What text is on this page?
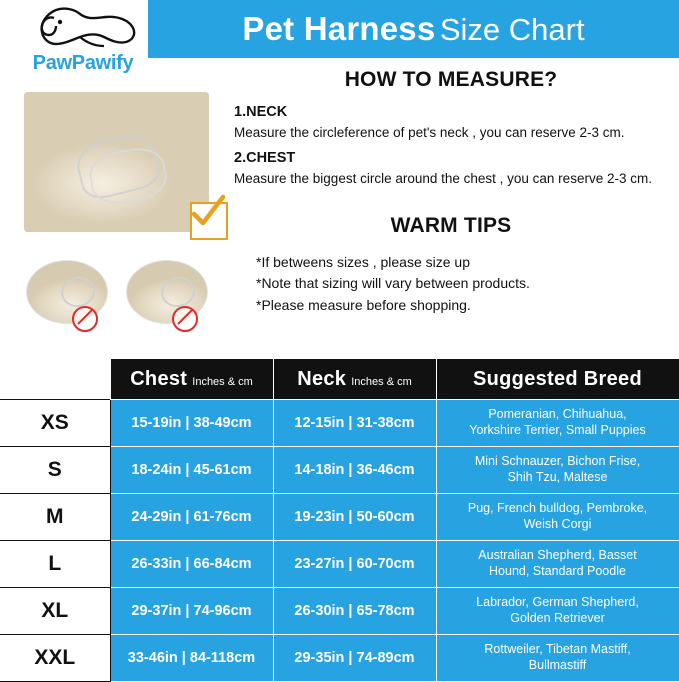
Pet Harness Size Chart
PawPawify
HOW TO MEASURE?
1.NECK
Measure the circleference of pet's neck , you can reserve 2-3 cm.
2.CHEST
Measure the biggest circle around the chest , you can reserve 2-3 cm.
WARM TIPS
*If betweens sizes , please size up
*Note that sizing will vary between products.
*Please measure before shopping.
	Chest Inches & cm	Neck Inches & cm	Suggested Breed
XS	15-19in | 38-49cm	12-15in | 31-38cm	Pomeranian, Chihuahua,
Yorkshire Terrier, Small Puppies
S	18-24in | 45-61cm	14-18in | 36-46cm	Mini Schnauzer, Bichon Frise,
Shih Tzu, Maltese
M	24-29in | 61-76cm	19-23in | 50-60cm	Pug, French bulldog, Pembroke,
Weish Corgi
L	26-33in | 66-84cm	23-27in | 60-70cm	Australian Shepherd, Basset
Hound, Standard Poodle
XL	29-37in | 74-96cm	26-30in | 65-78cm	Labrador, German Shepherd,
Golden Retriever
XXL	33-46in | 84-118cm	29-35in | 74-89cm	Rottweiler, Tibetan Mastiff,
Bullmastiff
